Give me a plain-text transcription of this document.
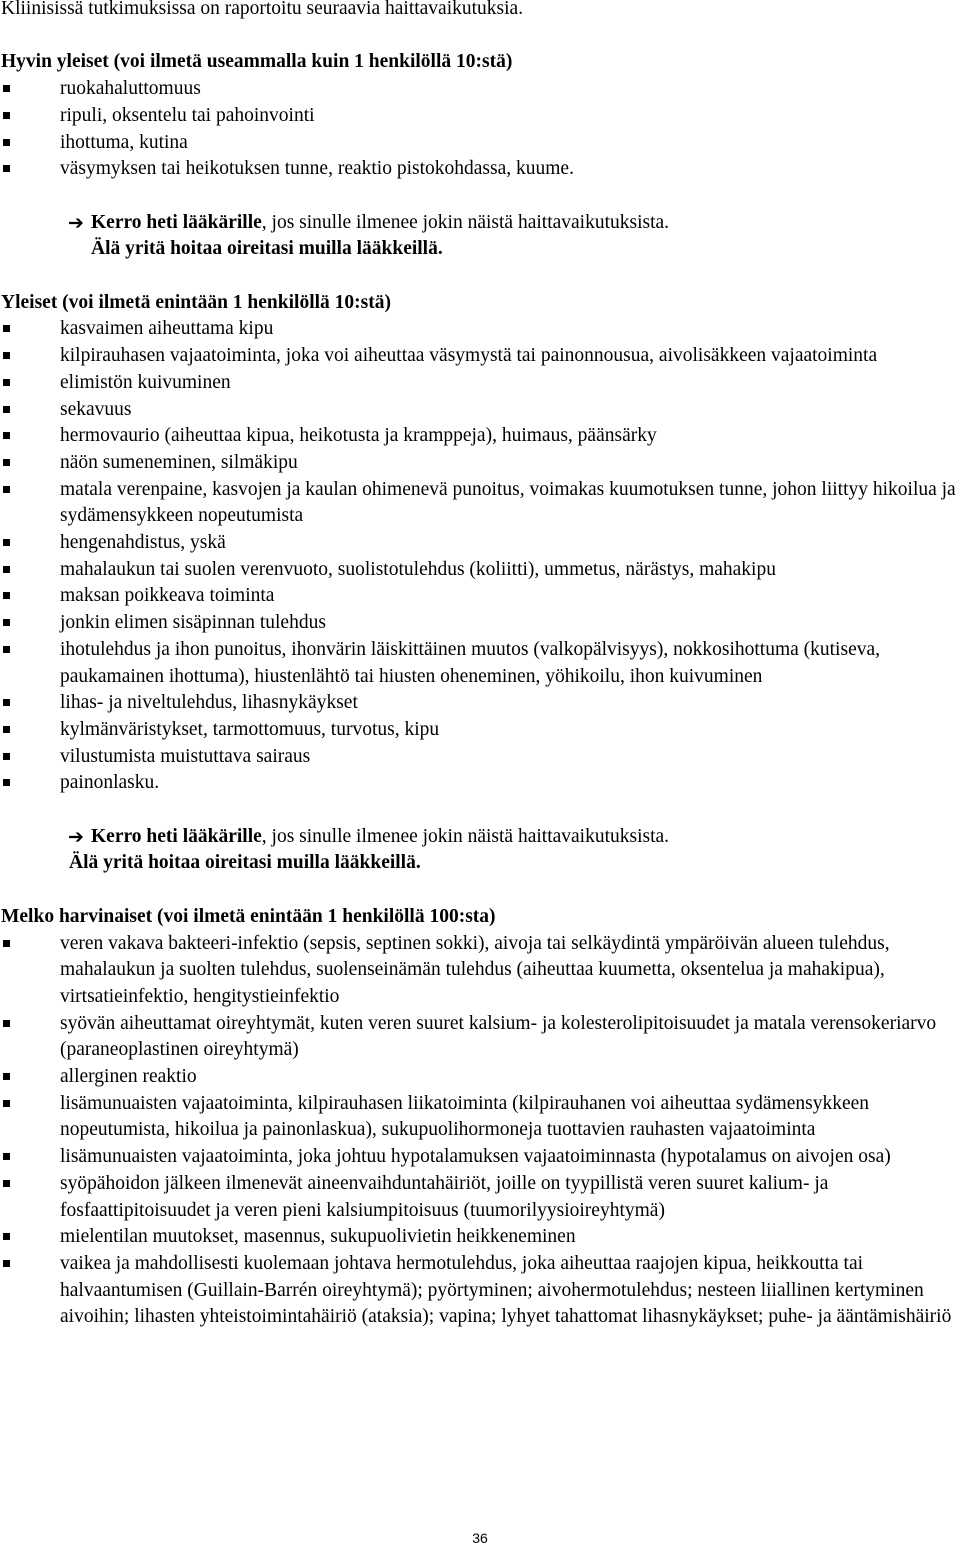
Kliinisissä tutkimuksissa on raportoitu seuraavia haittavaikutuksia.

Hyvin yleiset (voi ilmetä useammalla kuin 1 henkilöllä 10:stä)

ruokahaluttomuus
ripuli, oksentelu tai pahoinvointi
ihottuma, kutina
väsymyksen tai heikotuksen tunne, reaktio pistokohdassa, kuume.
➔ Kerro heti lääkärille, jos sinulle ilmenee jokin näistä haittavaikutuksista.
Älä yritä hoitaa oireitasi muilla lääkkeillä.

Yleiset (voi ilmetä enintään 1 henkilöllä 10:stä)

kasvaimen aiheuttama kipu
kilpirauhasen vajaatoiminta, joka voi aiheuttaa väsymystä tai painonnousua, aivolisäkkeen vajaatoiminta
elimistön kuivuminen
sekavuus
hermovaurio (aiheuttaa kipua, heikotusta ja kramppeja), huimaus, päänsärky
näön sumeneminen, silmäkipu
matala verenpaine, kasvojen ja kaulan ohimenevä punoitus, voimakas kuumotuksen tunne, johon liittyy hikoilua ja sydämensykkeen nopeutumista
hengenahdistus, yskä
mahalaukun tai suolen verenvuoto, suolistotulehdus (koliitti), ummetus, närästys, mahakipu
maksan poikkeava toiminta
jonkin elimen sisäpinnan tulehdus
ihotulehdus ja ihon punoitus, ihonvärin läiskittäinen muutos (valkopälvisyys), nokkosihottuma (kutiseva, paukamainen ihottuma), hiustenlähtö tai hiusten oheneminen, yöhikoilu, ihon kuivuminen
lihas- ja niveltulehdus, lihasnykäykset
kylmänväristykset, tarmottomuus, turvotus, kipu
vilustumista muistuttava sairaus
painonlasku.
➔ Kerro heti lääkärille, jos sinulle ilmenee jokin näistä haittavaikutuksista.
Älä yritä hoitaa oireitasi muilla lääkkeillä.

Melko harvinaiset (voi ilmetä enintään 1 henkilöllä 100:sta)

veren vakava bakteeri-infektio (sepsis, septinen sokki), aivoja tai selkäydintä ympäröivän alueen tulehdus, mahalaukun ja suolten tulehdus, suolenseinämän tulehdus (aiheuttaa kuumetta, oksentelua ja mahakipua), virtsatieinfektio, hengitystieinfektio
syövän aiheuttamat oireyhtymät, kuten veren suuret kalsium- ja kolesterolipitoisuudet ja matala verensokeriarvo (paraneoplastinen oireyhtymä)
allerginen reaktio
lisämunuaisten vajaatoiminta, kilpirauhasen liikatoiminta (kilpirauhanen voi aiheuttaa sydämensykkeen nopeutumista, hikoilua ja painonlaskua), sukupuolihormoneja tuottavien rauhasten vajaatoiminta
lisämunuaisten vajaatoiminta, joka johtuu hypotalamuksen vajaatoiminnasta (hypotalamus on aivojen osa)
syöpähoidon jälkeen ilmenevät aineenvaihduntahäiriöt, joille on tyypillistä veren suuret kalium- ja fosfaattipitoisuudet ja veren pieni kalsiumpitoisuus (tuumorilyysioireyhtymä)
mielentilan muutokset, masennus, sukupuolivietin heikkeneminen
vaikea ja mahdollisesti kuolemaan johtava hermotulehdus, joka aiheuttaa raajojen kipua, heikkoutta tai halvaantumisen (Guillain-Barrén oireyhtymä); pyörtyminen; aivohermotulehdus; nesteen liiallinen kertyminen aivoihin; lihasten yhteistoimintahäiriö (ataksia); vapina; lyhyet tahattomat lihasnykäykset; puhe- ja ääntämishäiriö
36
